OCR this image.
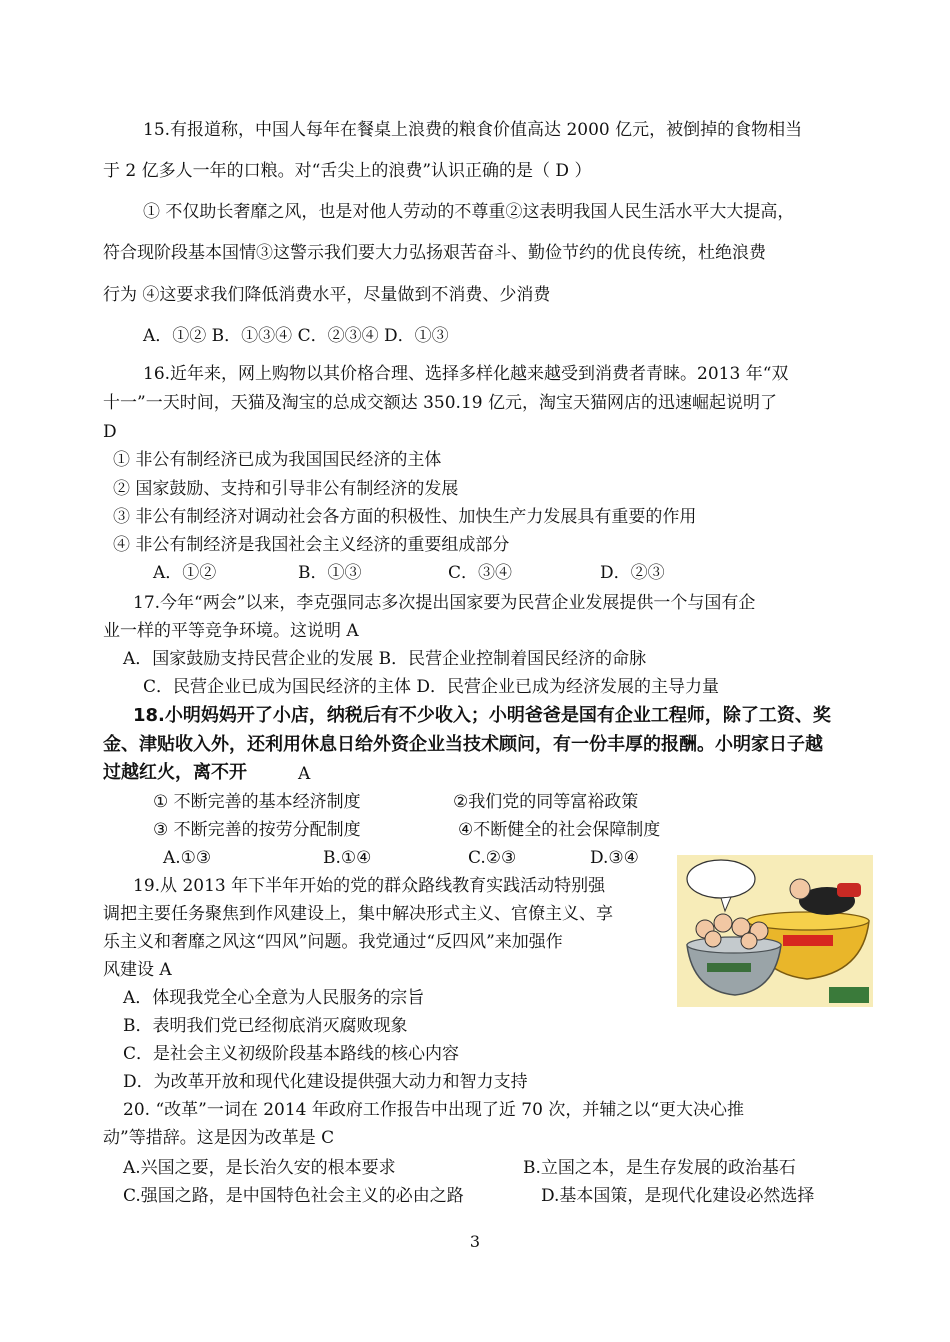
15.有报道称，中国人每年在餐桌上浪费的粮食价值高达 2000 亿元，被倒掉的食物相当
于 2 亿多人一年的口粮。对“舌尖上的浪费”认识正确的是（ D ）
① 不仅助长奢靡之风，也是对他人劳动的不尊重②这表明我国人民生活水平大大提高，
符合现阶段基本国情③这警示我们要大力弘扬艰苦奋斗、勤俭节约的优良传统，杜绝浪费
行为 ④这要求我们降低消费水平，尽量做到不消费、少消费
A．①② B．①③④ C．②③④ D．①③
16.近年来，网上购物以其价格合理、选择多样化越来越受到消费者青睐。2013 年“双
十一”一天时间，天猫及淘宝的总成交额达 350.19 亿元，淘宝天猫网店的迅速崛起说明了
D
① 非公有制经济已成为我国国民经济的主体
② 国家鼓励、支持和引导非公有制经济的发展
③ 非公有制经济对调动社会各方面的积极性、加快生产力发展具有重要的作用
④ 非公有制经济是我国社会主义经济的重要组成部分
A．①②	B．①③	C．③④	D．②③
17.今年“两会”以来，李克强同志多次提出国家要为民营企业发展提供一个与国有企
业一样的平等竞争环境。这说明 A
A．国家鼓励支持民营企业的发展 B．民营企业控制着国民经济的命脉
C．民营企业已成为国民经济的主体 D．民营企业已成为经济发展的主导力量
18.小明妈妈开了小店，纳税后有不少收入；小明爸爸是国有企业工程师，除了工资、奖
金、津贴收入外，还利用休息日给外资企业当技术顾问，有一份丰厚的报酬。小明家日子越
过越红火，离不开	A
① 不断完善的基本经济制度	②我们党的同等富裕政策
③ 不断完善的按劳分配制度	④不断健全的社会保障制度
A.①③	B.①④	C.②③	D.③④
19.从 2013 年下半年开始的党的群众路线教育实践活动特别强
调把主要任务聚焦到作风建设上，集中解决形式主义、官僚主义、享
乐主义和奢靡之风这“四风”问题。我党通过“反四风”来加强作
风建设 A
A．体现我党全心全意为人民服务的宗旨
B．表明我们党已经彻底消灭腐败现象
C．是社会主义初级阶段基本路线的核心内容
D．为改革开放和现代化建设提供强大动力和智力支持
20. “改革”一词在 2014 年政府工作报告中出现了近 70 次，并辅之以“更大决心推
动”等措辞。这是因为改革是 C
A.兴国之要，是长治久安的根本要求	B.立国之本，是生存发展的政治基石
C.强国之路，是中国特色社会主义的必由之路	D.基本国策，是现代化建设必然选择
3
